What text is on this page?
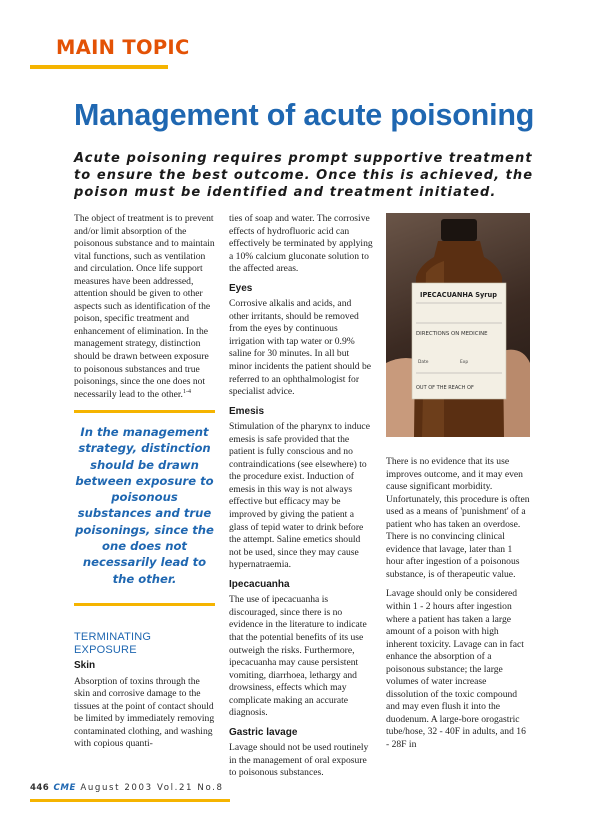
MAIN TOPIC
Management of acute poisoning

Acute poisoning requires prompt supportive treatment to ensure the best outcome. Once this is achieved, the poison must be identified and treatment initiated.

The object of treatment is to prevent and/or limit absorption of the poisonous substance and to maintain vital functions, such as ventilation and circulation. Once life support measures have been addressed, attention should be given to other aspects such as identification of the poison, specific treatment and enhancement of elimination. In the management strategy, distinction should be drawn between exposure to poisonous substances and true poisonings, since the one does not necessarily lead to the other.$^{1-4}$

In the management strategy, distinction should be drawn between exposure to poisonous substances and true poisonings, since the one does not necessarily lead to the other.
TERMINATING EXPOSURE
Skin

Absorption of toxins through the skin and corrosive damage to the tissues at the point of contact should be limited by immediately removing contaminated clothing, and washing with copious quanti-

ties of soap and water. The corrosive effects of hydrofluoric acid can effectively be terminated by applying a 10% calcium gluconate solution to the affected areas.

Eyes

Corrosive alkalis and acids, and other irritants, should be removed from the eyes by continuous irrigation with tap water or 0.9% saline for 30 minutes. In all but minor incidents the patient should be referred to an ophthalmologist for specialist advice.

Emesis

Stimulation of the pharynx to induce emesis is safe provided that the patient is fully conscious and no contraindications (see elsewhere) to the procedure exist. Induction of emesis in this way is not always effective but efficacy may be improved by giving the patient a glass of tepid water to drink before the attempt. Saline emetics should not be used, since they may cause hypernatraemia.

Ipecacuanha

The use of ipecacuanha is discouraged, since there is no evidence in the literature to indicate that the potential benefits of its use outweigh the risks. Furthermore, ipecacuanha may cause persistent vomiting, diarrhoea, lethargy and drowsiness, effects which may complicate making an accurate diagnosis.

Gastric lavage

Lavage should not be used routinely in the management of oral exposure to poisonous substances.

IPECACUANHA Syrup
DIRECTIONS ON MEDICINE
Date	Exp
OUT OF THE REACH OF

There is no evidence that its use improves outcome, and it may even cause significant morbidity. Unfortunately, this procedure is often used as a means of 'punishment' of a patient who has taken an overdose. There is no convincing clinical evidence that lavage, later than 1 hour after ingestion of a poisonous substance, is of therapeutic value.

Lavage should only be considered within 1 - 2 hours after ingestion where a patient has taken a large amount of a poison with high inherent toxicity. Lavage can in fact enhance the absorption of a poisonous substance; the large volumes of water increase dissolution of the toxic compound and may even flush it into the duodenum. A large-bore orogastric tube/hose, 32 - 40F in adults, and 16 - 28F in

446 CME August 2003 Vol.21 No.8
